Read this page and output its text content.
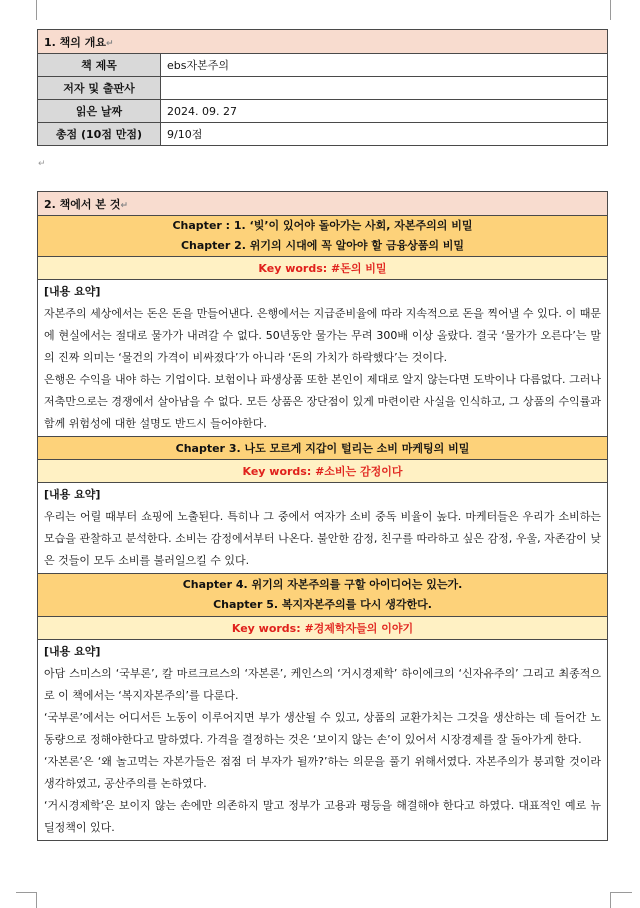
↵
1. 책의 개요↵	
책 제목	ebs자본주의
저자 및 출판사	
읽은 날짜	2024. 09. 27
총점 (10점 만점)	9/10점
2. 책에서 본 것↵

Chapter : 1. ‘빚’이 있어야 돌아가는 사회, 자본주의의 비밀
Chapter 2. 위기의 시대에 꼭 알아야 할 금융상품의 비밀

Key words: #돈의 비밀

[내용 요약]

자본주의 세상에서는 돈은 돈을 만들어낸다. 은행에서는 지급준비율에 따라 지속적으로 돈을 찍어낼 수 있다. 이 때문에 현실에서는 절대로 물가가 내려갈 수 없다. 50년동안 물가는 무려 300배 이상 올랐다. 결국 ‘물가가 오른다’는 말의 진짜 의미는 ‘물건의 가격이 비싸졌다’가 아니라 ‘돈의 가치가 하락했다’는 것이다.

은행은 수익을 내야 하는 기업이다. 보험이나 파생상품 또한 본인이 제대로 알지 않는다면 도박이나 다름없다. 그러나 저축만으로는 경쟁에서 살아남을 수 없다. 모든 상품은 장단점이 있게 마련이란 사실을 인식하고, 그 상품의 수익률과 함께 위험성에 대한 설명도 반드시 들어야한다.

Chapter 3. 나도 모르게 지갑이 털리는 소비 마케팅의 비밀
Key words: #소비는 감정이다

[내용 요약]

우리는 어릴 때부터 쇼핑에 노출된다. 특히나 그 중에서 여자가 소비 중독 비율이 높다. 마케터들은 우리가 소비하는 모습을 관찰하고 분석한다. 소비는 감정에서부터 나온다. 불안한 감정, 친구를 따라하고 싶은 감정, 우울, 자존감이 낮은 것들이 모두 소비를 불러일으킬 수 있다.

Chapter 4. 위기의 자본주의를 구할 아이디어는 있는가.
Chapter 5. 복지자본주의를 다시 생각한다.

Key words: #경제학자들의 이야기

[내용 요약]

아담 스미스의 ‘국부론’, 칼 마르크르스의 ‘자본론’, 케인스의 ‘거시경제학’ 하이에크의 ‘신자유주의’ 그리고 최종적으로 이 책에서는 ‘복지자본주의’를 다룬다.

‘국부론’에서는 어디서든 노동이 이루어지면 부가 생산될 수 있고, 상품의 교환가치는 그것을 생산하는 데 들어간 노동량으로 정해야한다고 말하였다. 가격을 결정하는 것은 ‘보이지 않는 손’이 있어서 시장경제를 잘 돌아가게 한다.

‘자본론’은 ‘왜 놀고먹는 자본가들은 점점 더 부자가 될까?’하는 의문을 풀기 위해서였다. 자본주의가 붕괴할 것이라 생각하였고, 공산주의를 논하였다.

‘거시경제학’은 보이지 않는 손에만 의존하지 말고 정부가 고용과 평등을 해결해야 한다고 하였다. 대표적인 예로 뉴딜정책이 있다.
